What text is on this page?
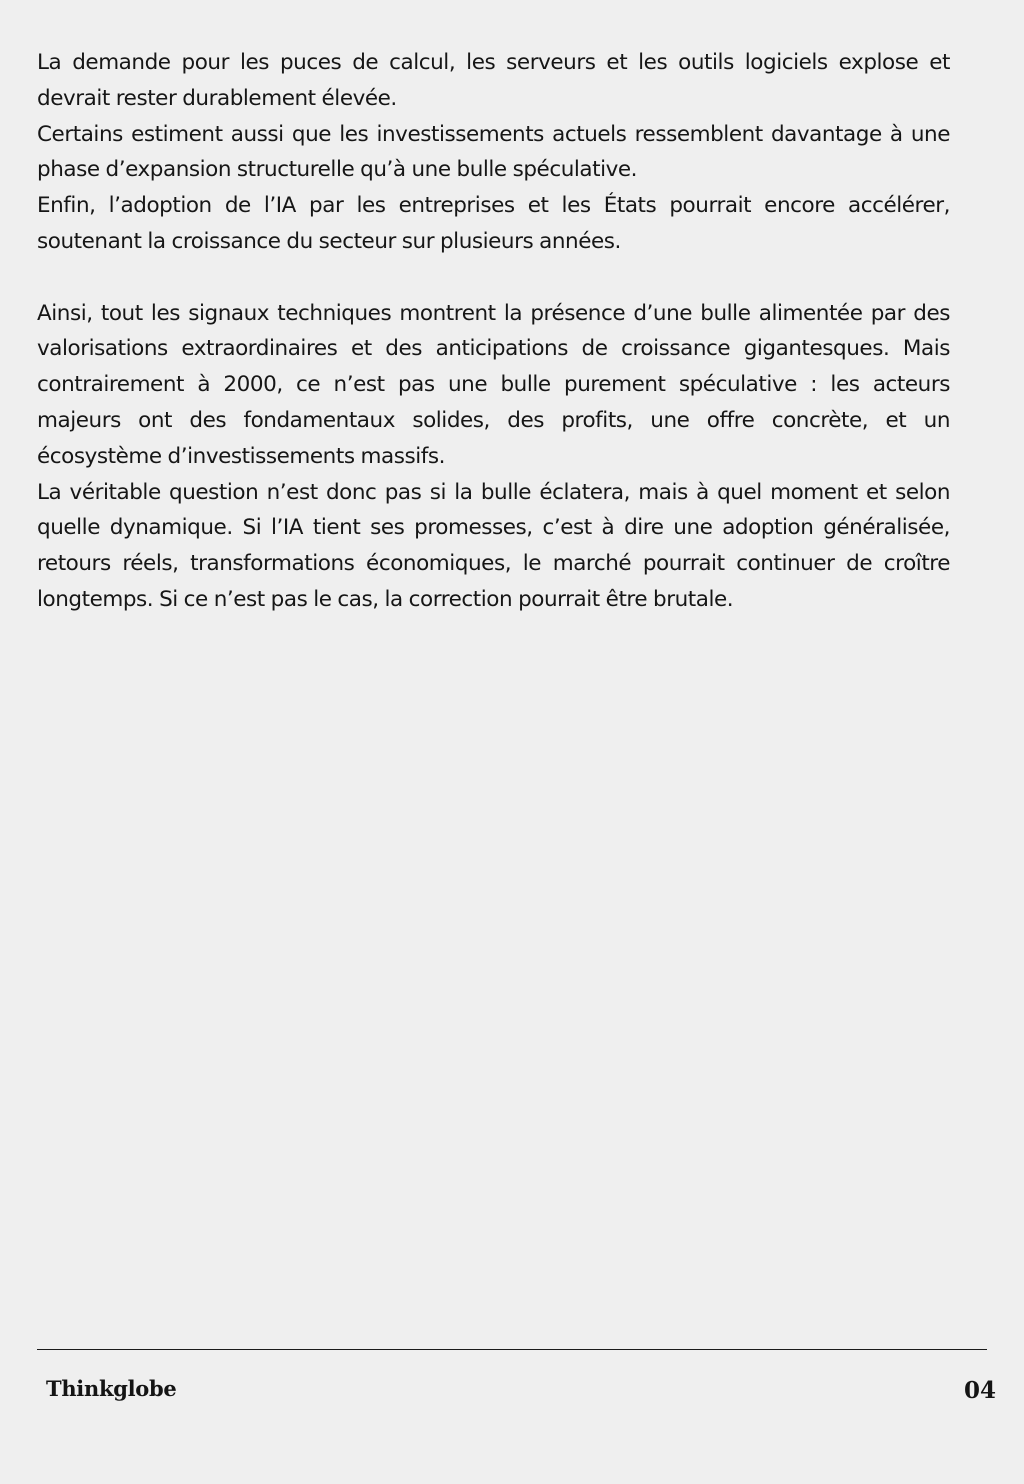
La demande pour les puces de calcul, les serveurs et les outils logiciels explose et devrait rester durablement élevée.

Certains estiment aussi que les investissements actuels ressemblent davantage à une phase d’expansion structurelle qu’à une bulle spéculative.

Enfin, l’adoption de l’IA par les entreprises et les États pourrait encore accélérer, soutenant la croissance du secteur sur plusieurs années.

Ainsi, tout les signaux techniques montrent la présence d’une bulle alimentée par des valorisations extraordinaires et des anticipations de croissance gigantesques. Mais contrairement à 2000, ce n’est pas une bulle purement spéculative : les acteurs majeurs ont des fondamentaux solides, des profits, une offre concrète, et un écosystème d’investissements massifs.

La véritable question n’est donc pas si la bulle éclatera, mais à quel moment et selon quelle dynamique. Si l’IA tient ses promesses, c’est à dire une adoption généralisée, retours réels, transformations économiques, le marché pourrait continuer de croître longtemps. Si ce n’est pas le cas, la correction pourrait être brutale.

Thinkglobe	04
